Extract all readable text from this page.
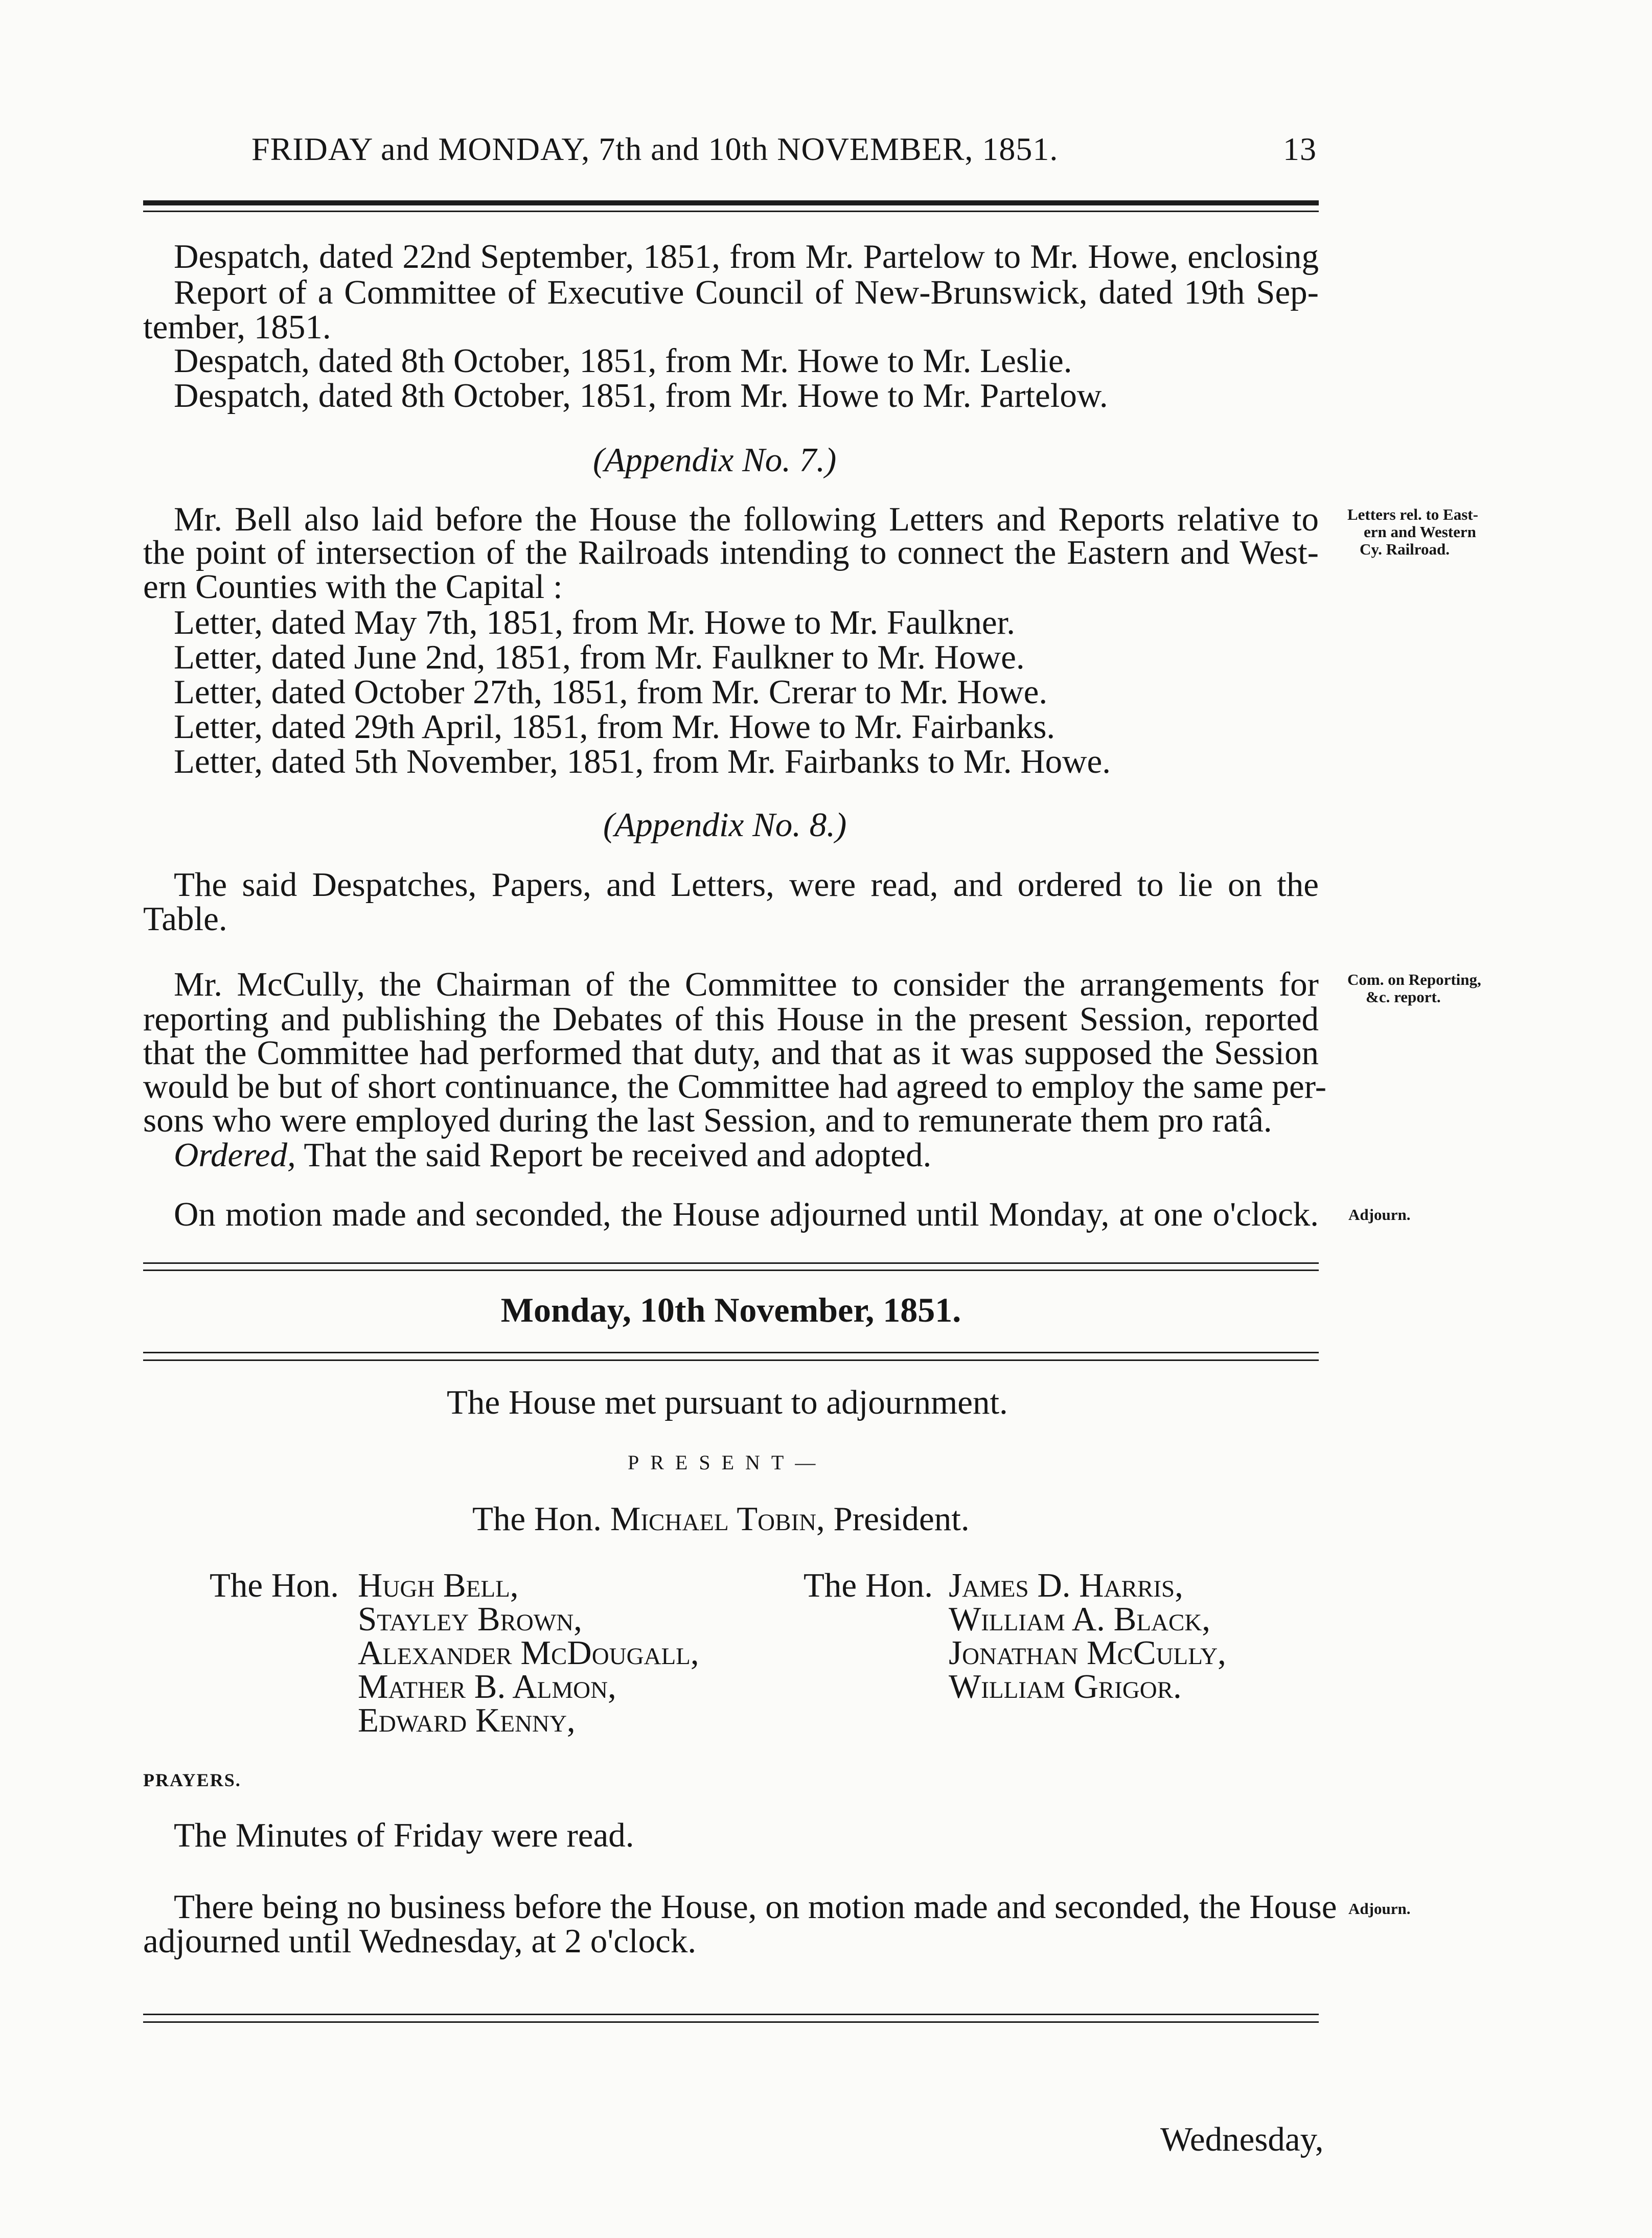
FRIDAY and MONDAY, 7th and 10th NOVEMBER, 1851.	13
Despatch, dated 22nd September, 1851, from Mr. Partelow to Mr. Howe, enclosing
Report of a Committee of Executive Council of New-Brunswick, dated 19th Sep-
tember, 1851.
Despatch, dated 8th October, 1851, from Mr. Howe to Mr. Leslie.
Despatch, dated 8th October, 1851, from Mr. Howe to Mr. Partelow.
(Appendix No. 7.)
Mr. Bell also laid before the House the following Letters and Reports relative to
the point of intersection of the Railroads intending to connect the Eastern and West-
ern Counties with the Capital :
Letter, dated May 7th, 1851, from Mr. Howe to Mr. Faulkner.
Letter, dated June 2nd, 1851, from Mr. Faulkner to Mr. Howe.
Letter, dated October 27th, 1851, from Mr. Crerar to Mr. Howe.
Letter, dated 29th April, 1851, from Mr. Howe to Mr. Fairbanks.
Letter, dated 5th November, 1851, from Mr. Fairbanks to Mr. Howe.
Letters rel. to East-
ern and Western
Cy. Railroad.
(Appendix No. 8.)
The said Despatches, Papers, and Letters, were read, and ordered to lie on the
Table.
Mr. McCully, the Chairman of the Committee to consider the arrangements for
reporting and publishing the Debates of this House in the present Session, reported
that the Committee had performed that duty, and that as it was supposed the Session
would be but of short continuance, the Committee had agreed to employ the same per-
sons who were employed during the last Session, and to remunerate them pro ratâ.
Ordered, That the said Report be received and adopted.
Com. on Reporting,
&c. report.
On motion made and seconded, the House adjourned until Monday, at one o'clock. Adjourn.
Monday, 10th November, 1851.
The House met pursuant to adjournment.
PRESENT—
The Hon. Michael Tobin, President.
The Hon. Hugh Bell,
Stayley Brown,
Alexander McDougall,
Mather B. Almon,
Edward Kenny,
The Hon. James D. Harris,
William A. Black,
Jonathan McCully,
William Grigor.
PRAYERS.
The Minutes of Friday were read.
There being no business before the House, on motion made and seconded, the House
adjourned until Wednesday, at 2 o'clock.
Adjourn.
Wednesday,
